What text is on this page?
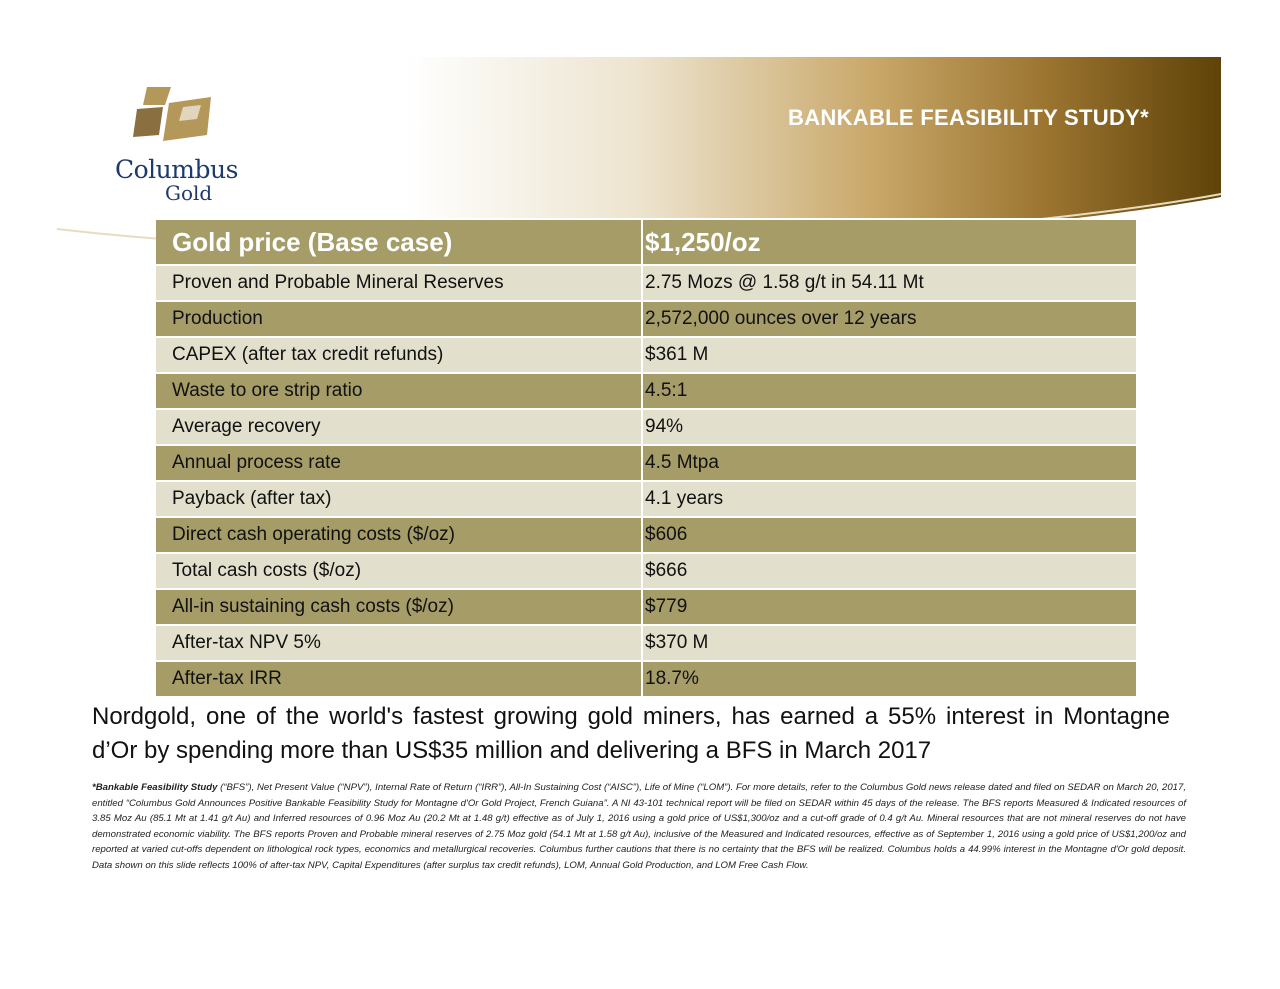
Columbus
Gold
BANKABLE FEASIBILITY STUDY*
6
Gold price (Base case)	$1,250/oz
Proven and Probable Mineral Reserves	2.75 Mozs @ 1.58 g/t in 54.11 Mt
Production	2,572,000 ounces over 12 years
CAPEX (after tax credit refunds)	$361 M
Waste to ore strip ratio	4.5:1
Average recovery	94%
Annual process rate	4.5 Mtpa
Payback (after tax)	4.1 years
Direct cash operating costs ($/oz)	$606
Total cash costs ($/oz)	$666
All-in sustaining cash costs ($/oz)	$779
After-tax NPV 5%	$370 M
After-tax IRR	18.7%
Nordgold, one of the world's fastest growing gold miners, has earned a 55% interest in Montagne d’Or by spending more than US$35 million and delivering a BFS in March 2017
*Bankable Feasibility Study (“BFS”), Net Present Value (“NPV”), Internal Rate of Return (“IRR”), All-In Sustaining Cost (“AISC”), Life of Mine (“LOM”). For more details, refer to the Columbus Gold news release dated and filed on SEDAR on March 20, 2017, entitled “Columbus Gold Announces Positive Bankable Feasibility Study for Montagne d'Or Gold Project, French Guiana”. A NI 43-101 technical report will be filed on SEDAR within 45 days of the release. The BFS reports Measured & Indicated resources of 3.85 Moz Au (85.1 Mt at 1.41 g/t Au) and Inferred resources of 0.96 Moz Au (20.2 Mt at 1.48 g/t) effective as of July 1, 2016 using a gold price of US$1,300/oz and a cut-off grade of 0.4 g/t Au. Mineral resources that are not mineral reserves do not have demonstrated economic viability. The BFS reports Proven and Probable mineral reserves of 2.75 Moz gold (54.1 Mt at 1.58 g/t Au), inclusive of the Measured and Indicated resources, effective as of September 1, 2016 using a gold price of US$1,200/oz and reported at varied cut-offs dependent on lithological rock types, economics and metallurgical recoveries. Columbus further cautions that there is no certainty that the BFS will be realized. Columbus holds a 44.99% interest in the Montagne d'Or gold deposit. Data shown on this slide reflects 100% of after-tax NPV, Capital Expenditures (after surplus tax credit refunds), LOM, Annual Gold Production, and LOM Free Cash Flow.
